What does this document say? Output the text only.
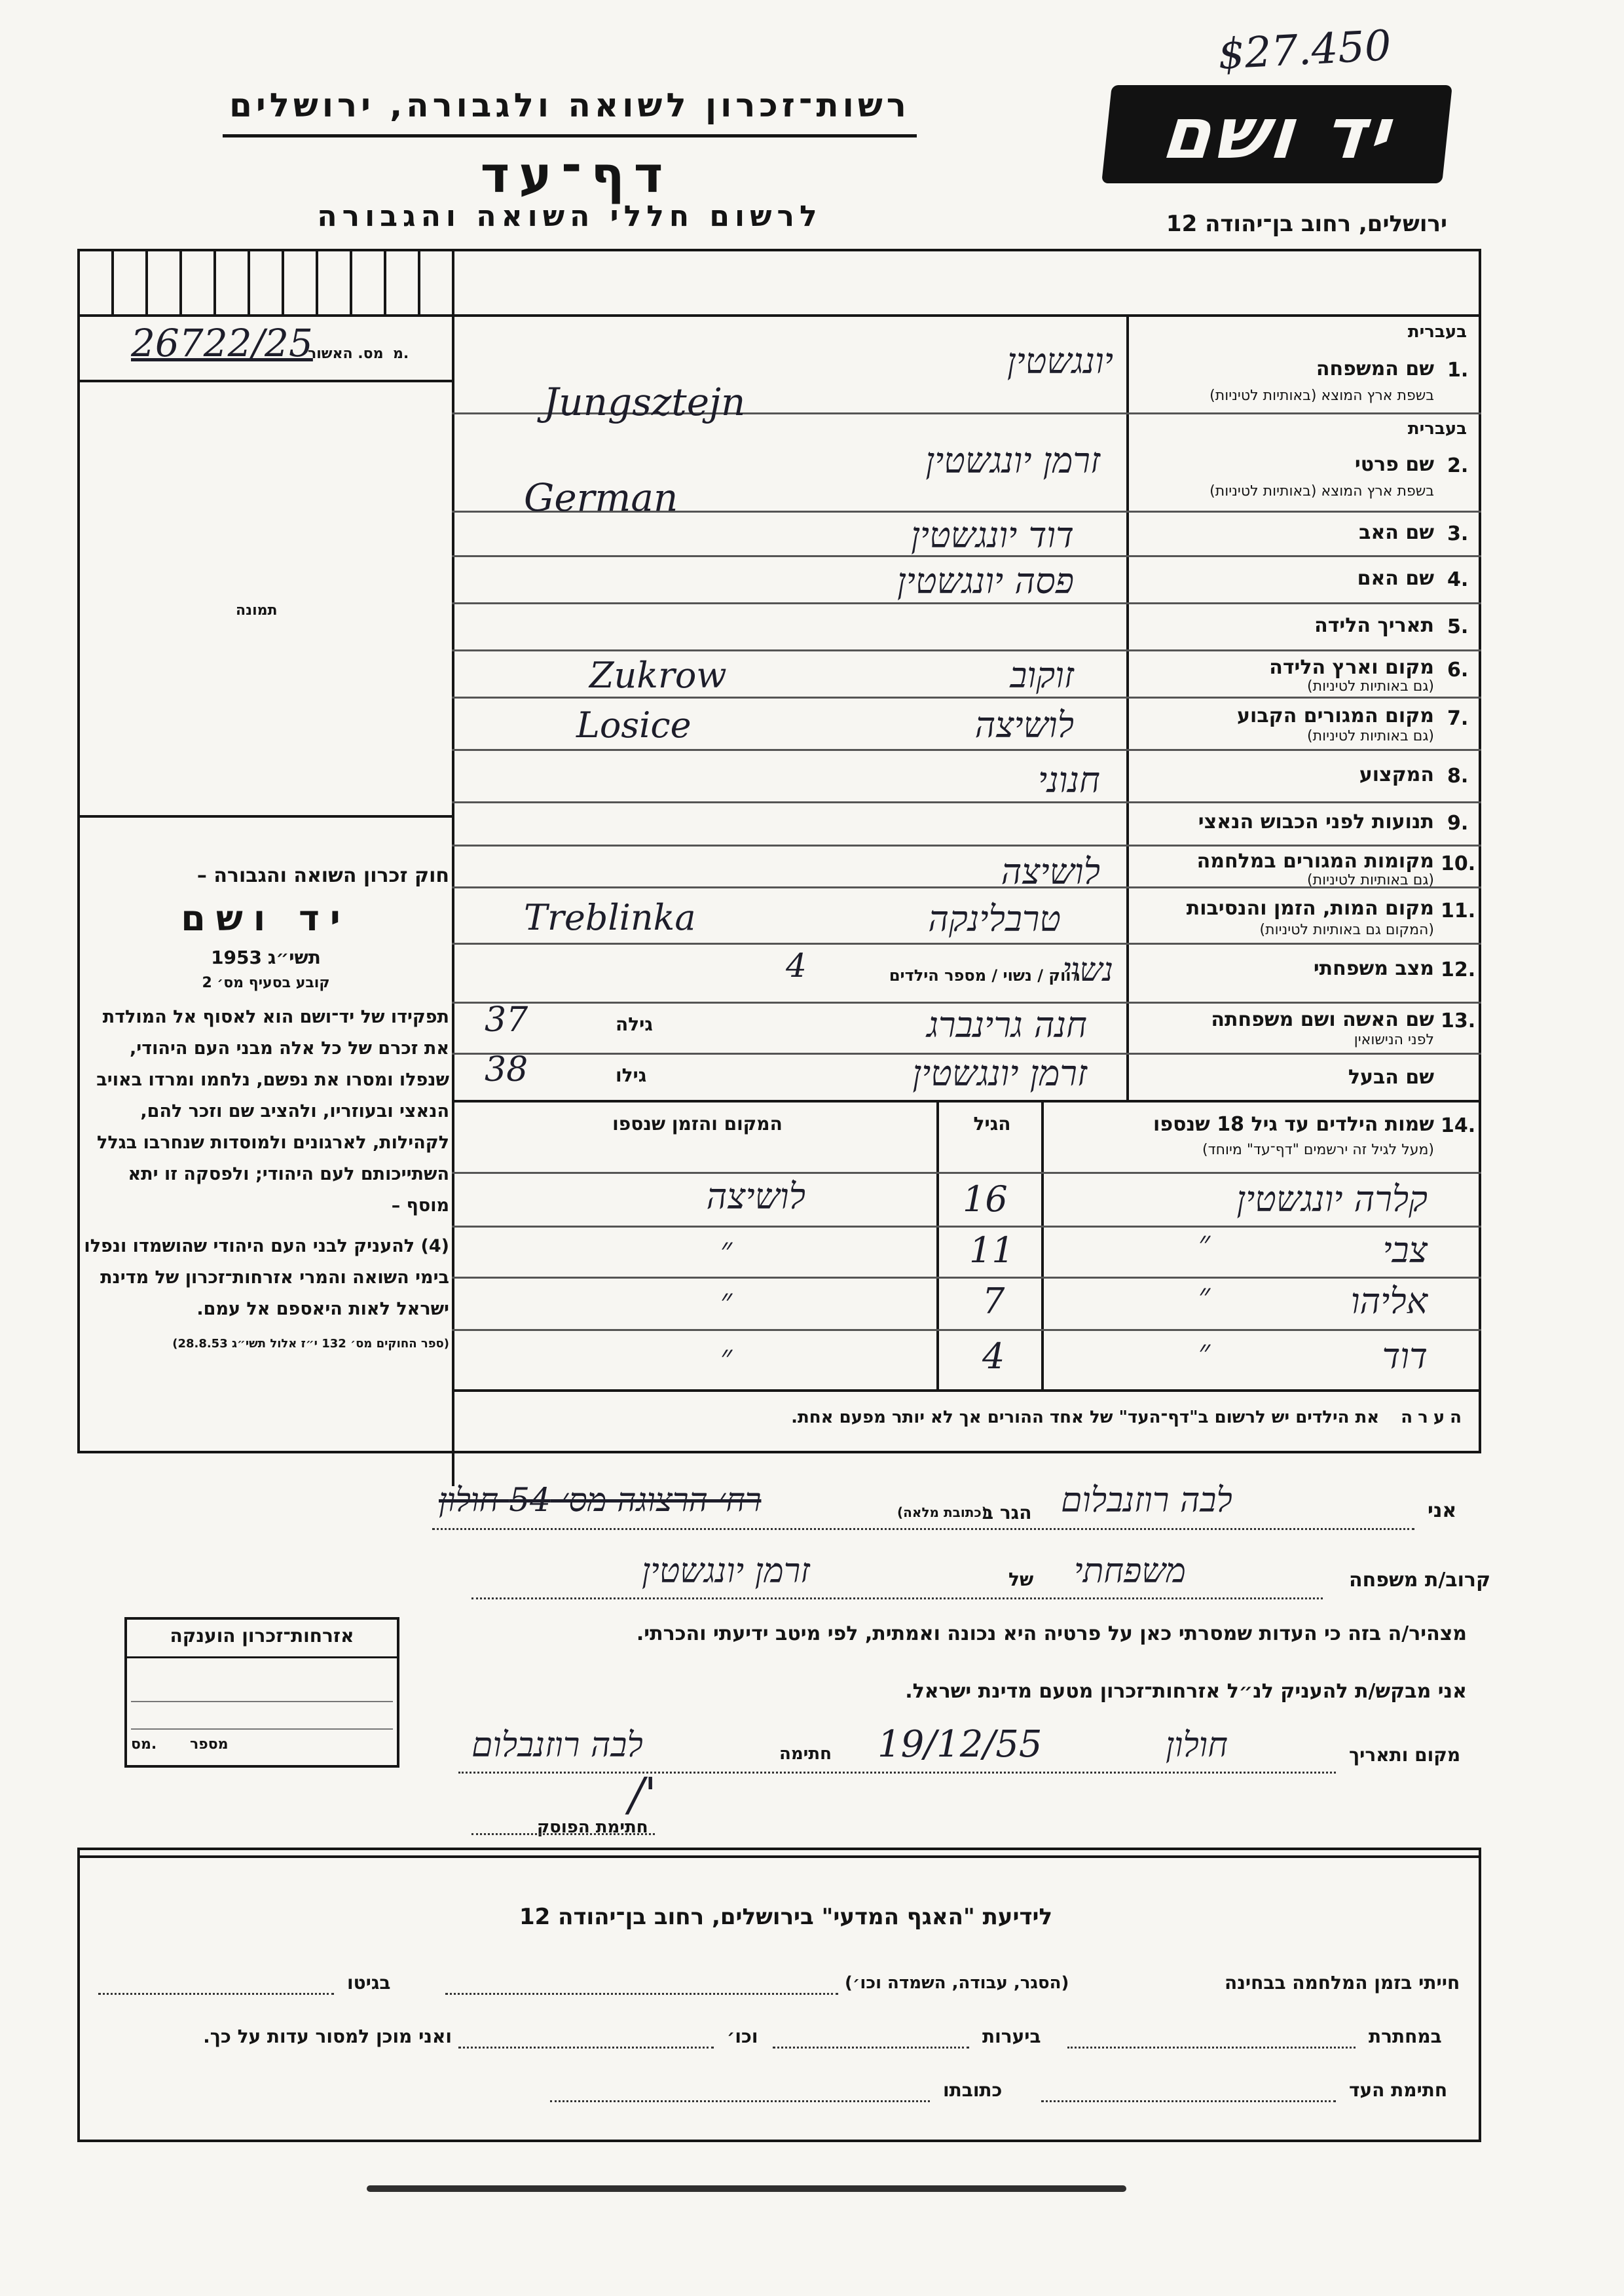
$27.450
רשות־זכרון לשואה ולגבורה, ירושלים
דף־עד
לרשום חללי השואה והגבורה
יד ושם
ירושלים, רחוב בן־יהודה 12
מס. האשור מ.
26722/25
תמונה

חוק זכרון השואה והגבורה –

יד ושם

תשי״ג 1953

קובע בסעיף מס׳ 2

תפקידו של יד־ושם הוא לאסוף אל המולדת את זכרם של כל אלה מבני העם היהודי, שנפלו ומסרו את נפשם, נלחמו ומרדו באויב הנאצי ובעוזריו, ולהציב שם וזכר להם, לקהילות, לארגונים ולמוסדות שנחרבו בגלל השתייכותם לעם היהודי; ולפסקה זו יתא מוסף –

(4) להעניק לבני העם היהודי שהושמדו ונפלו בימי השואה והמרי אזרחות־זכרון של מדינת ישראל לאות היאספם אל עמם.

(ספר החוקים מס׳ 132 י״ז אלול תשי״ג 28.8.53)

בעברית
1.
שם המשפחה
בשפת ארץ המוצא (באותיות לטיניות)
יונגשטין
Jungsztejn
בעברית
2.
שם פרטי
בשפת ארץ המוצא (באותיות לטיניות)
זרמן יונגשטין
German
3.
שם האב
דוד יונגשטין
4.
שם האם
פסה יונגשטין
5.
תאריך הלידה
6.
מקום וארץ הלידה
(גם באותיות לטיניות)
זוקוב
Zukrow
7.
מקום המגורים הקבוע
(גם באותיות לטיניות)
לושיצה
Losice
8.
המקצוע
חנוני
9.
תנועות לפני הכבוש הנאצי
10.
מקומות המגורים במלחמה
(גם באותיות לטיניות)
לושיצה
11.
מקום המות, הזמן והנסיבות
(המקום גם באותיות לטיניות)
טרבלינקה
Treblinka
12.
מצב משפחתי
רווק / נשוי / מספר הילדים
נשוי
4
13.
שם האשה ושם משפחתה
לפני הנישואין
חנה גרינברג
גילה
37
שם הבעל
זרמן יונגשטין
גילו
38
14.
שמות הילדים עד גיל 18 שנספו
(מעל לגיל זה ירשמים "דף־עד" מיוחד)
הגיל
המקום והזמן שנספו
קלרה יונגשטין
16
לושיצה
צבי
״
11
״
אליהו
״
7
״
דוד
״
4
״
הערה את הילדים יש לרשום ב"דף־העד" של אחד ההורים אך לא יותר מפעם אחת.
אני
לבה רוזנבלום
הגר ב
(כתובת מלאה)
רח׳ הרצוגה מס׳ 54 חולון
קרוב/ת משפחה
משפחתי
של
זרמן יונגשטין
מצהיר/ה בזה כי העדות שמסרתי כאן על פרטיה היא נכונה ואמתית, לפי מיטב ידיעתי והכרתי.
אני מבקש/ת להעניק לנ״ל אזרחות־זכרון מטעם מדינת ישראל.
מקום ותאריך
חולון
19/12/55
חתימה
לבה רוזנבלום
/'
חתימת הפוסק
אזרחות־זכרון הוענקה
מספר
מס.
לידיעת "האגף המדעי" בירושלים, רחוב בן־יהודה 12
חייתי בזמן המלחמה בבחינה
(הסגר, עבודה, השמדה וכו׳)
בגיטו
במחתרת
ביערות
וכו׳
ואני מוכן למסור עדות על כך.
חתימת העד
כתובתו
